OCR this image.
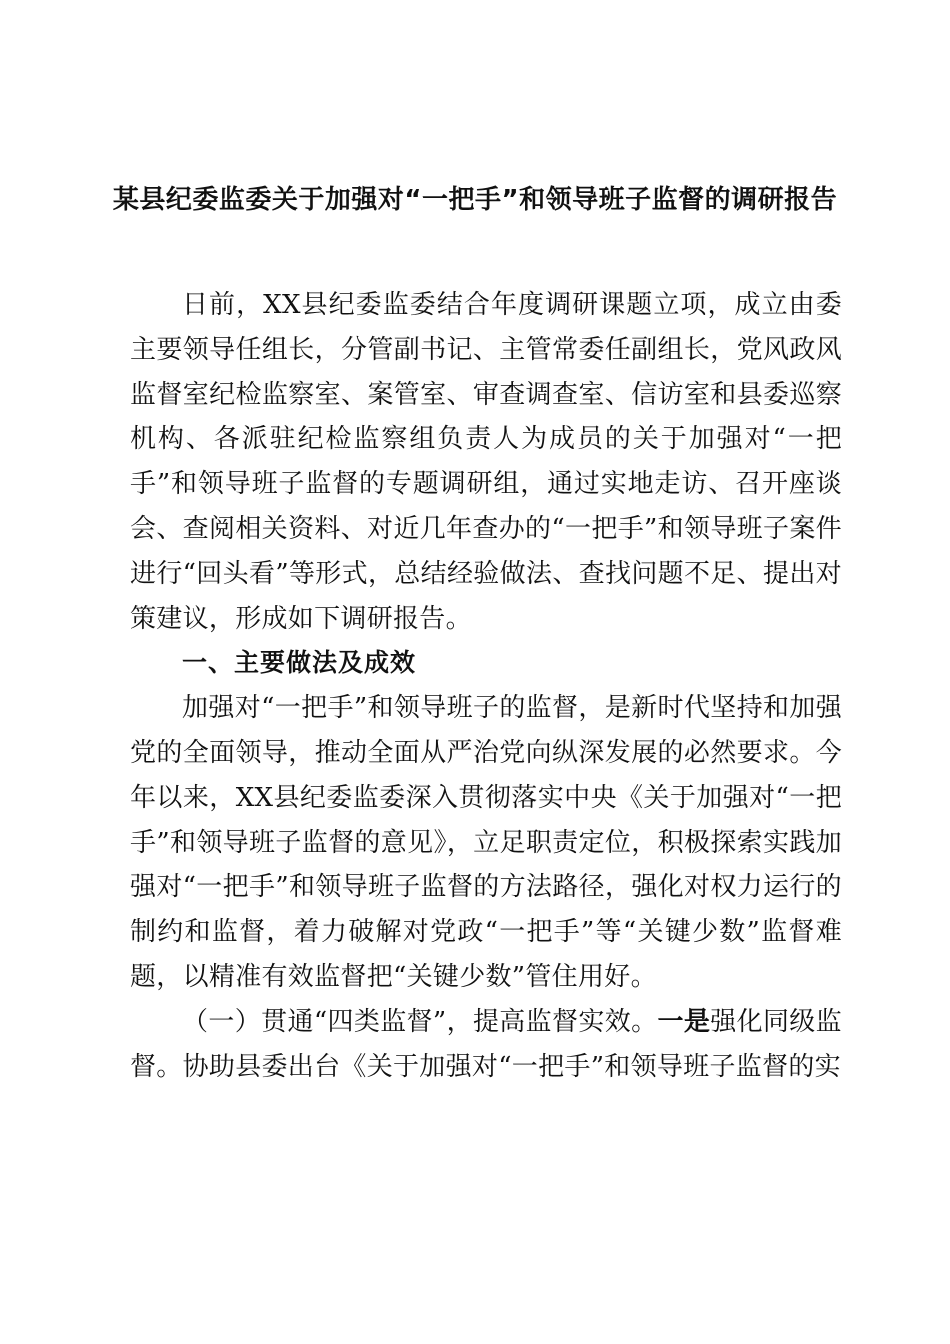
某县纪委监委关于加强对“一把手”和领导班子监督的调研报告

日前，XX县纪委监委结合年度调研课题立项，成立由委主要领导任组长，分管副书记、主管常委任副组长，党风政风监督室纪检监察室、案管室、审查调查室、信访室和县委巡察机构、各派驻纪检监察组负责人为成员的关于加强对“一把手”和领导班子监督的专题调研组，通过实地走访、召开座谈会、查阅相关资料、对近几年查办的“一把手”和领导班子案件进行“回头看”等形式，总结经验做法、查找问题不足、提出对策建议，形成如下调研报告。

一、主要做法及成效

加强对“一把手”和领导班子的监督，是新时代坚持和加强党的全面领导，推动全面从严治党向纵深发展的必然要求。今年以来，XX县纪委监委深入贯彻落实中央《关于加强对“一把手”和领导班子监督的意见》，立足职责定位，积极探索实践加强对“一把手”和领导班子监督的方法路径，强化对权力运行的制约和监督，着力破解对党政“一把手”等“关键少数”监督难题，以精准有效监督把“关键少数”管住用好。

（一）贯通“四类监督”，提高监督实效。一是强化同级监督。协助县委出台《关于加强对“一把手”和领导班子监督的实
